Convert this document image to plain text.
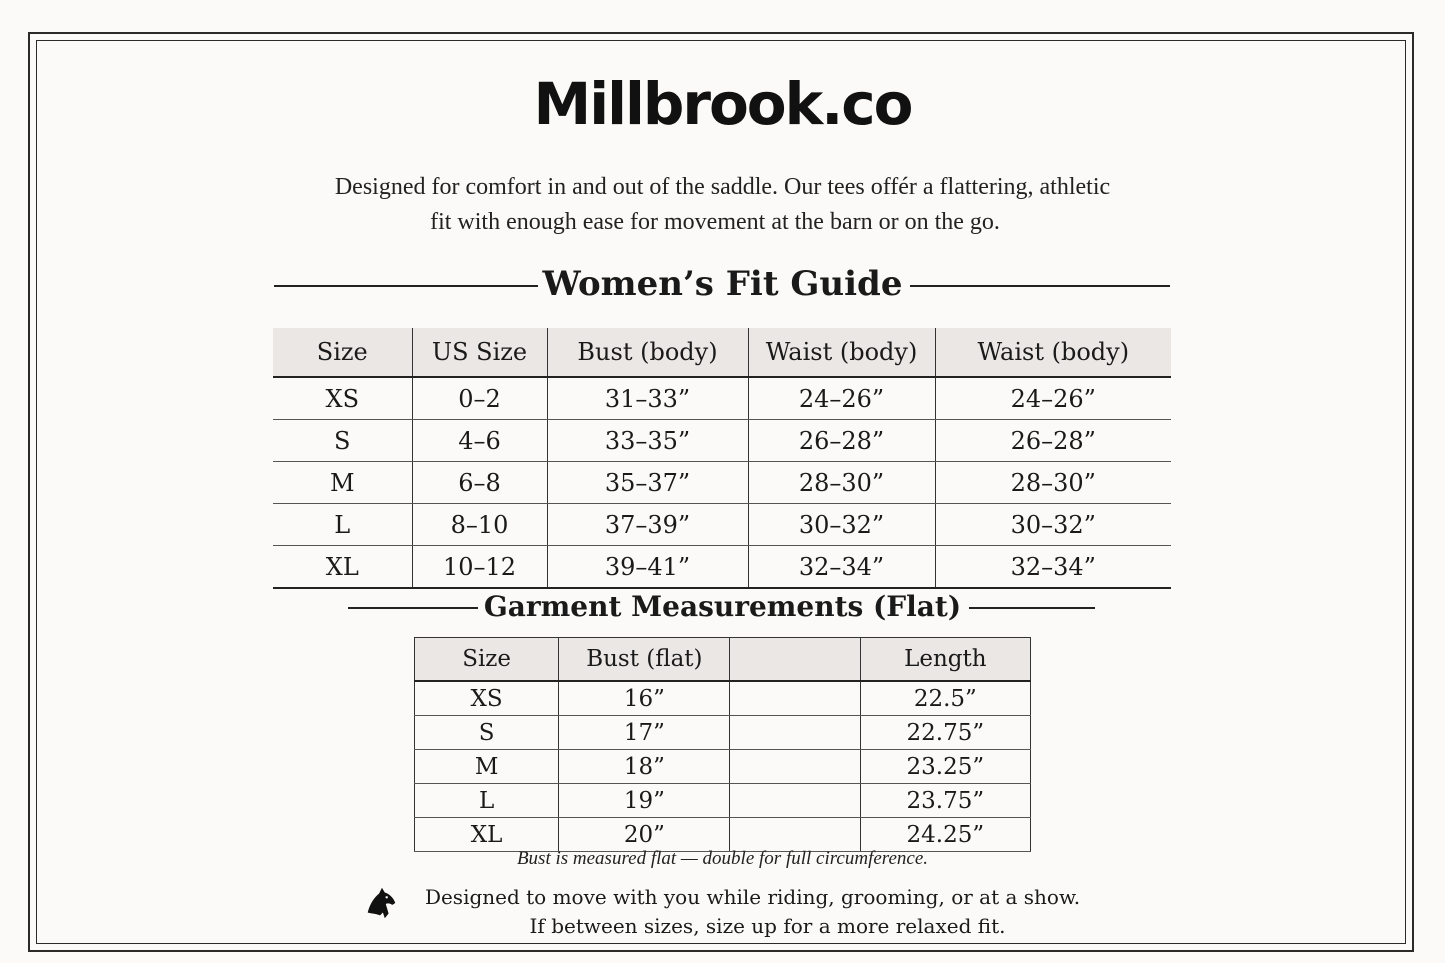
Millbrook.co
Designed for comfort in and out of the saddle. Our tees offér a flattering, athletic
fit with enough ease for movement at the barn or on the go.
Women’s Fit Guide
Size	US Size	Bust (body)	Waist (body)	Waist (body)
XS	0–2	31–33”	24–26”	24–26”
S	4–6	33–35”	26–28”	26–28”
M	6–8	35–37”	28–30”	28–30”
L	8–10	37–39”	30–32”	30–32”
XL	10–12	39–41”	32–34”	32–34”
Garment Measurements (Flat)
Size	Bust (flat)		Length
XS	16”		22.5”
S	17”		22.75”
M	18”		23.25”
L	19”		23.75”
XL	20”		24.25”
Bust is measured flat — double for full circumference.
Designed to move with you while riding, grooming, or at a show.
If between sizes, size up for a more relaxed fit.
